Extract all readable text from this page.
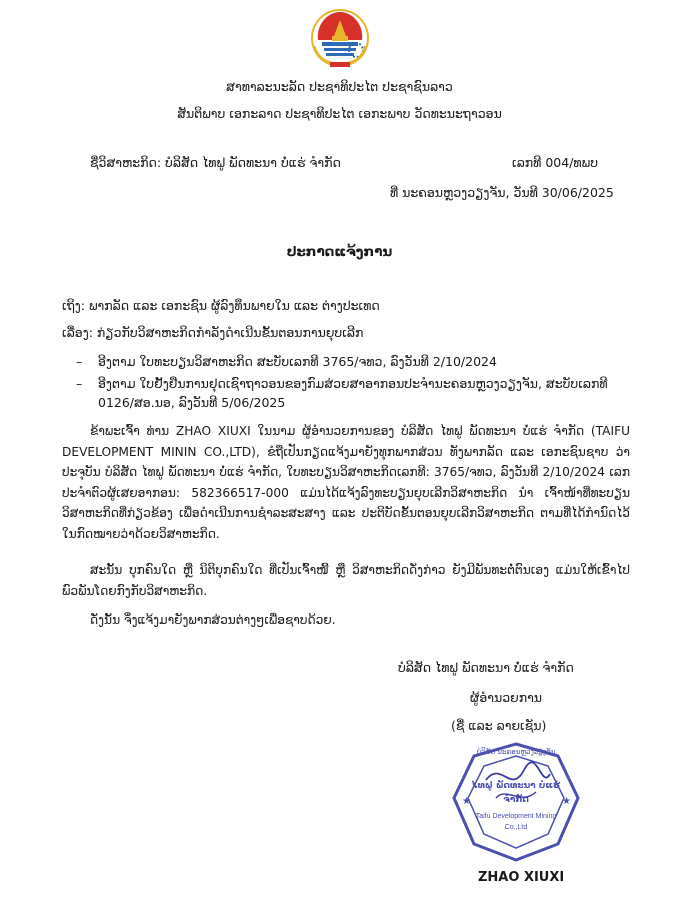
ສາທາລະນະລັດ ປະຊາທິປະໄຕ ປະຊາຊົນລາວ
ສັນຕິພາບ ເອກະລາດ ປະຊາທິປະໄຕ ເອກະພາບ ວັດທະນະຖາວອນ
ຊື່ວິສາຫະກິດ: ບໍລິສັດ ໄທຟູ ພັດທະນາ ບໍ່ແຮ່ ຈຳກັດ	ເລກທີ 004/ທພບ
ທີ່ ນະຄອນຫຼວງວຽງຈັນ, ວັນທີ 30/06/2025
ປະກາດແຈ້ງການ
ເຖິງ: ພາກລັດ ແລະ ເອກະຊົນ ຜູ້ລົງທຶນພາຍໃນ ແລະ ຕ່າງປະເທດ
ເລື່ອງ: ກ່ຽວກັບວິສາຫະກິດກຳລັງດຳເນີນຂັ້ນຕອນການຍຸບເລີກ
– ອີງຕາມ ໃບທະບຽນວິສາຫະກິດ ສະບັບເລກທີ 3765/ຈທວ, ລົງວັນທີ 2/10/2024
– ອີງຕາມ ໃບຢັ້ງຢືນການຢຸດເຊົາຖາວອນຂອງກົມສ່ວຍສາອາກອນປະຈຳນະຄອນຫຼວງວຽງຈັນ, ສະບັບເລກທີ 0126/ສອ.ນອ, ລົງວັນທີ 5/06/2025

ຂ້າພະເຈົ້າ ທ່ານ ZHAO XIUXI ໃນນາມ ຜູ້ອຳນວຍການຂອງ ບໍລິສັດ ໄທຟູ ພັດທະນາ ບໍ່ແຮ່ ຈຳກັດ (TAIFU DEVELOPMENT MININ CO.,LTD), ຂໍຖືເປັນກຽດແຈ້ງມາຍັງທຸກພາກສ່ວນ ທັງພາກລັດ ແລະ ເອກະຊົນຊາບ ວ່າ ປະຈຸບັນ ບໍລິສັດ ໄທຟູ ພັດທະນາ ບໍ່ແຮ່ ຈຳກັດ, ໃບທະບຽນວິສາຫະກິດເລກທີ: 3765/ຈທວ, ລົງວັນທີ 2/10/2024 ເລກປະຈຳຕົວຜູ້ເສຍອາກອນ: 582366517-000 ແມ່ນໄດ້ແຈ້ງລົງທະບຽນຍຸບເລີກວິສາຫະກິດ ນຳ ເຈົ້າໜ້າທີ່ທະບຽນວິສາຫະກິດທີ່ກ່ຽວຂ້ອງ ເພື່ອດຳເນີນການຊຳລະສະສາງ ແລະ ປະຕິບັດຂັ້ນຕອນຍຸບເລີກວິສາຫະກິດ ຕາມທີ່ໄດ້ກຳນົດໄວ້ໃນກົດໝາຍວ່າດ້ວຍວິສາຫະກິດ.

ສະນັ້ນ ບຸກຄົນໃດ ຫຼື ນິຕິບຸກຄົນໃດ ທີ່ເປັນເຈົ້າໜີ້ ຫຼື ວິສາຫະກິດດັ່ງກ່າວ ຍັງມີພັນທະຕໍ່ຕົນເອງ ແມ່ນໃຫ້ເຂົ້າໄປພົວພັນໂດຍກົງກັບວິສາຫະກິດ.

ດັ່ງນັ້ນ ຈຶ່ງແຈ້ງມາຍັງພາກສ່ວນຕ່າງໆເພື່ອຊາບດ້ວຍ.

ບໍລິສັດ ໄທຟູ ພັດທະນາ ບໍ່ແຮ່ ຈຳກັດ
ຜູ້ອຳນວຍການ
(ຊື່ ແລະ ລາຍເຊັນ)
ບໍລິສັດ ນະຄອນຫຼວງວຽງຈັນ
ໄທຟູ ພັດທະນາ ບໍ່ແຮ່
ຈຳກັດ
Taifu Development Mining
Co.,Ltd
★	★
ZHAO XIUXI
